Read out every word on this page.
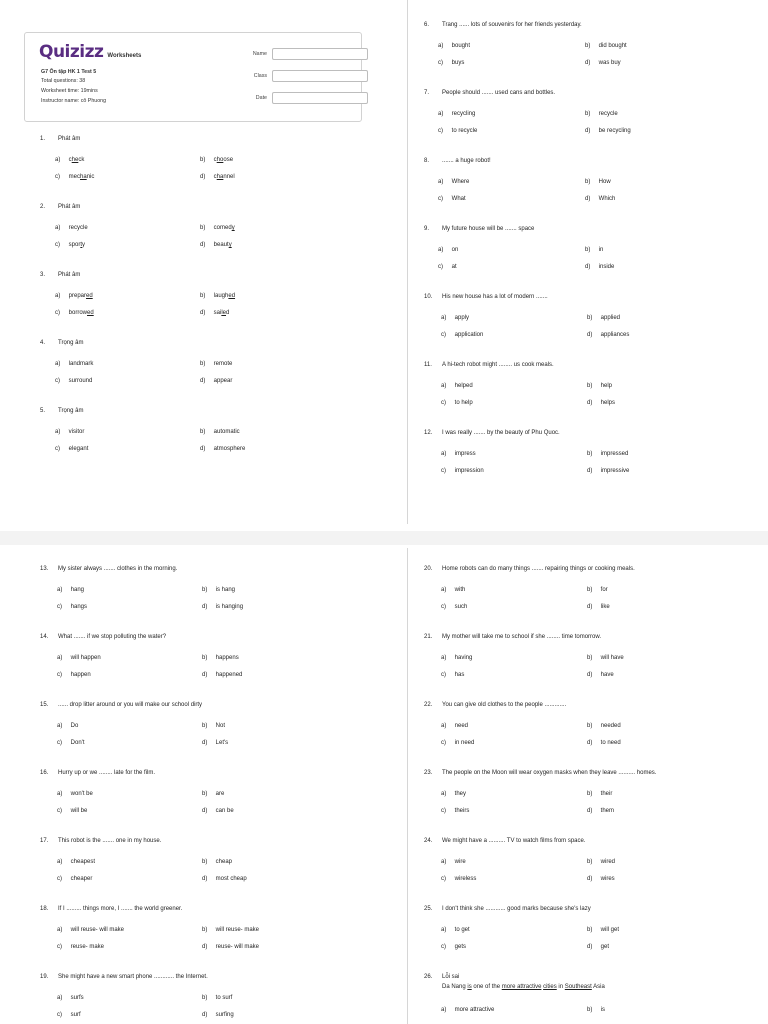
Quizizz Worksheets
G7 Ôn tập HK 1 Test 5
Total questions: 38
Worksheet time: 19mins
Instructor name: cô Phuong
Name
Class
Date
1. Phát âm
a) check	b) choose
c) mechanic	d) channel
2. Phát âm
a) recycle	b) comedy
c) sporty	d) beauty
3. Phát âm
a) prepared	b) laughed
c) borrowed	d) sailed
4. Trọng âm
a) landmark	b) remote
c) surround	d) appear
5. Trọng âm
a) visitor	b) automatic
c) elegant	d) atmosphere
6. Trang ...... lots of souvenirs for her friends yesterday.
a) bought	b) did bought
c) buys	d) was buy
7. People should ....... used cans and bottles.
a) recycling	b) recycle
c) to recycle	d) be recycling
8. ....... a huge robot!
a) Where	b) How
c) What	d) Which
9. My future house will be ....... space
a) on	b) in
c) at	d) inside
10. His new house has a lot of modern .......
a) apply	b) applied
c) application	d) appliances
11. A hi-tech robot might ........ us cook meals.
a) helped	b) help
c) to help	d) helps
12. I was really ....... by the beauty of Phu Quoc.
a) impress	b) impressed
c) impression	d) impressive
13. My sister always ....... clothes in the morning.
a) hang	b) is hang
c) hangs	d) is hanging
14. What ....... if we stop polluting the water?
a) will happen	b) happens
c) happen	d) happened
15. ...... drop litter around or you will make our school dirty
a) Do	b) Not
c) Don't	d) Let's
16. Hurry up or we ........ late for the film.
a) won't be	b) are
c) will be	d) can be
17. This robot is the ....... one in my house.
a) cheapest	b) cheap
c) cheaper	d) most cheap
18. If I ......... things more, I ....... the world greener.
a) will reuse- will make	b) will reuse- make
c) reuse- make	d) reuse- will make
19. She might have a new smart phone ............ the Internet.
a) surfs	b) to surf
c) surf	d) surfing
20. Home robots can do many things ....... repairing things or cooking meals.
a) with	b) for
c) such	d) like
21. My mother will take me to school if she ........ time tomorrow.
a) having	b) will have
c) has	d) have
22. You can give old clothes to the people .............
a) need	b) needed
c) in need	d) to need
23. The people on the Moon will wear oxygen masks when they leave .......... homes.
a) they	b) their
c) theirs	d) them
24. We might have a .......... TV to watch films from space.
a) wire	b) wired
c) wireless	d) wires
25. I don't think she ............ good marks because she's lazy
a) to get	b) will get
c) gets	d) get
26. Lỗi sai
Da Nang is one of the more attractive cities in Southeast Asia
a) more attractive	b) is
